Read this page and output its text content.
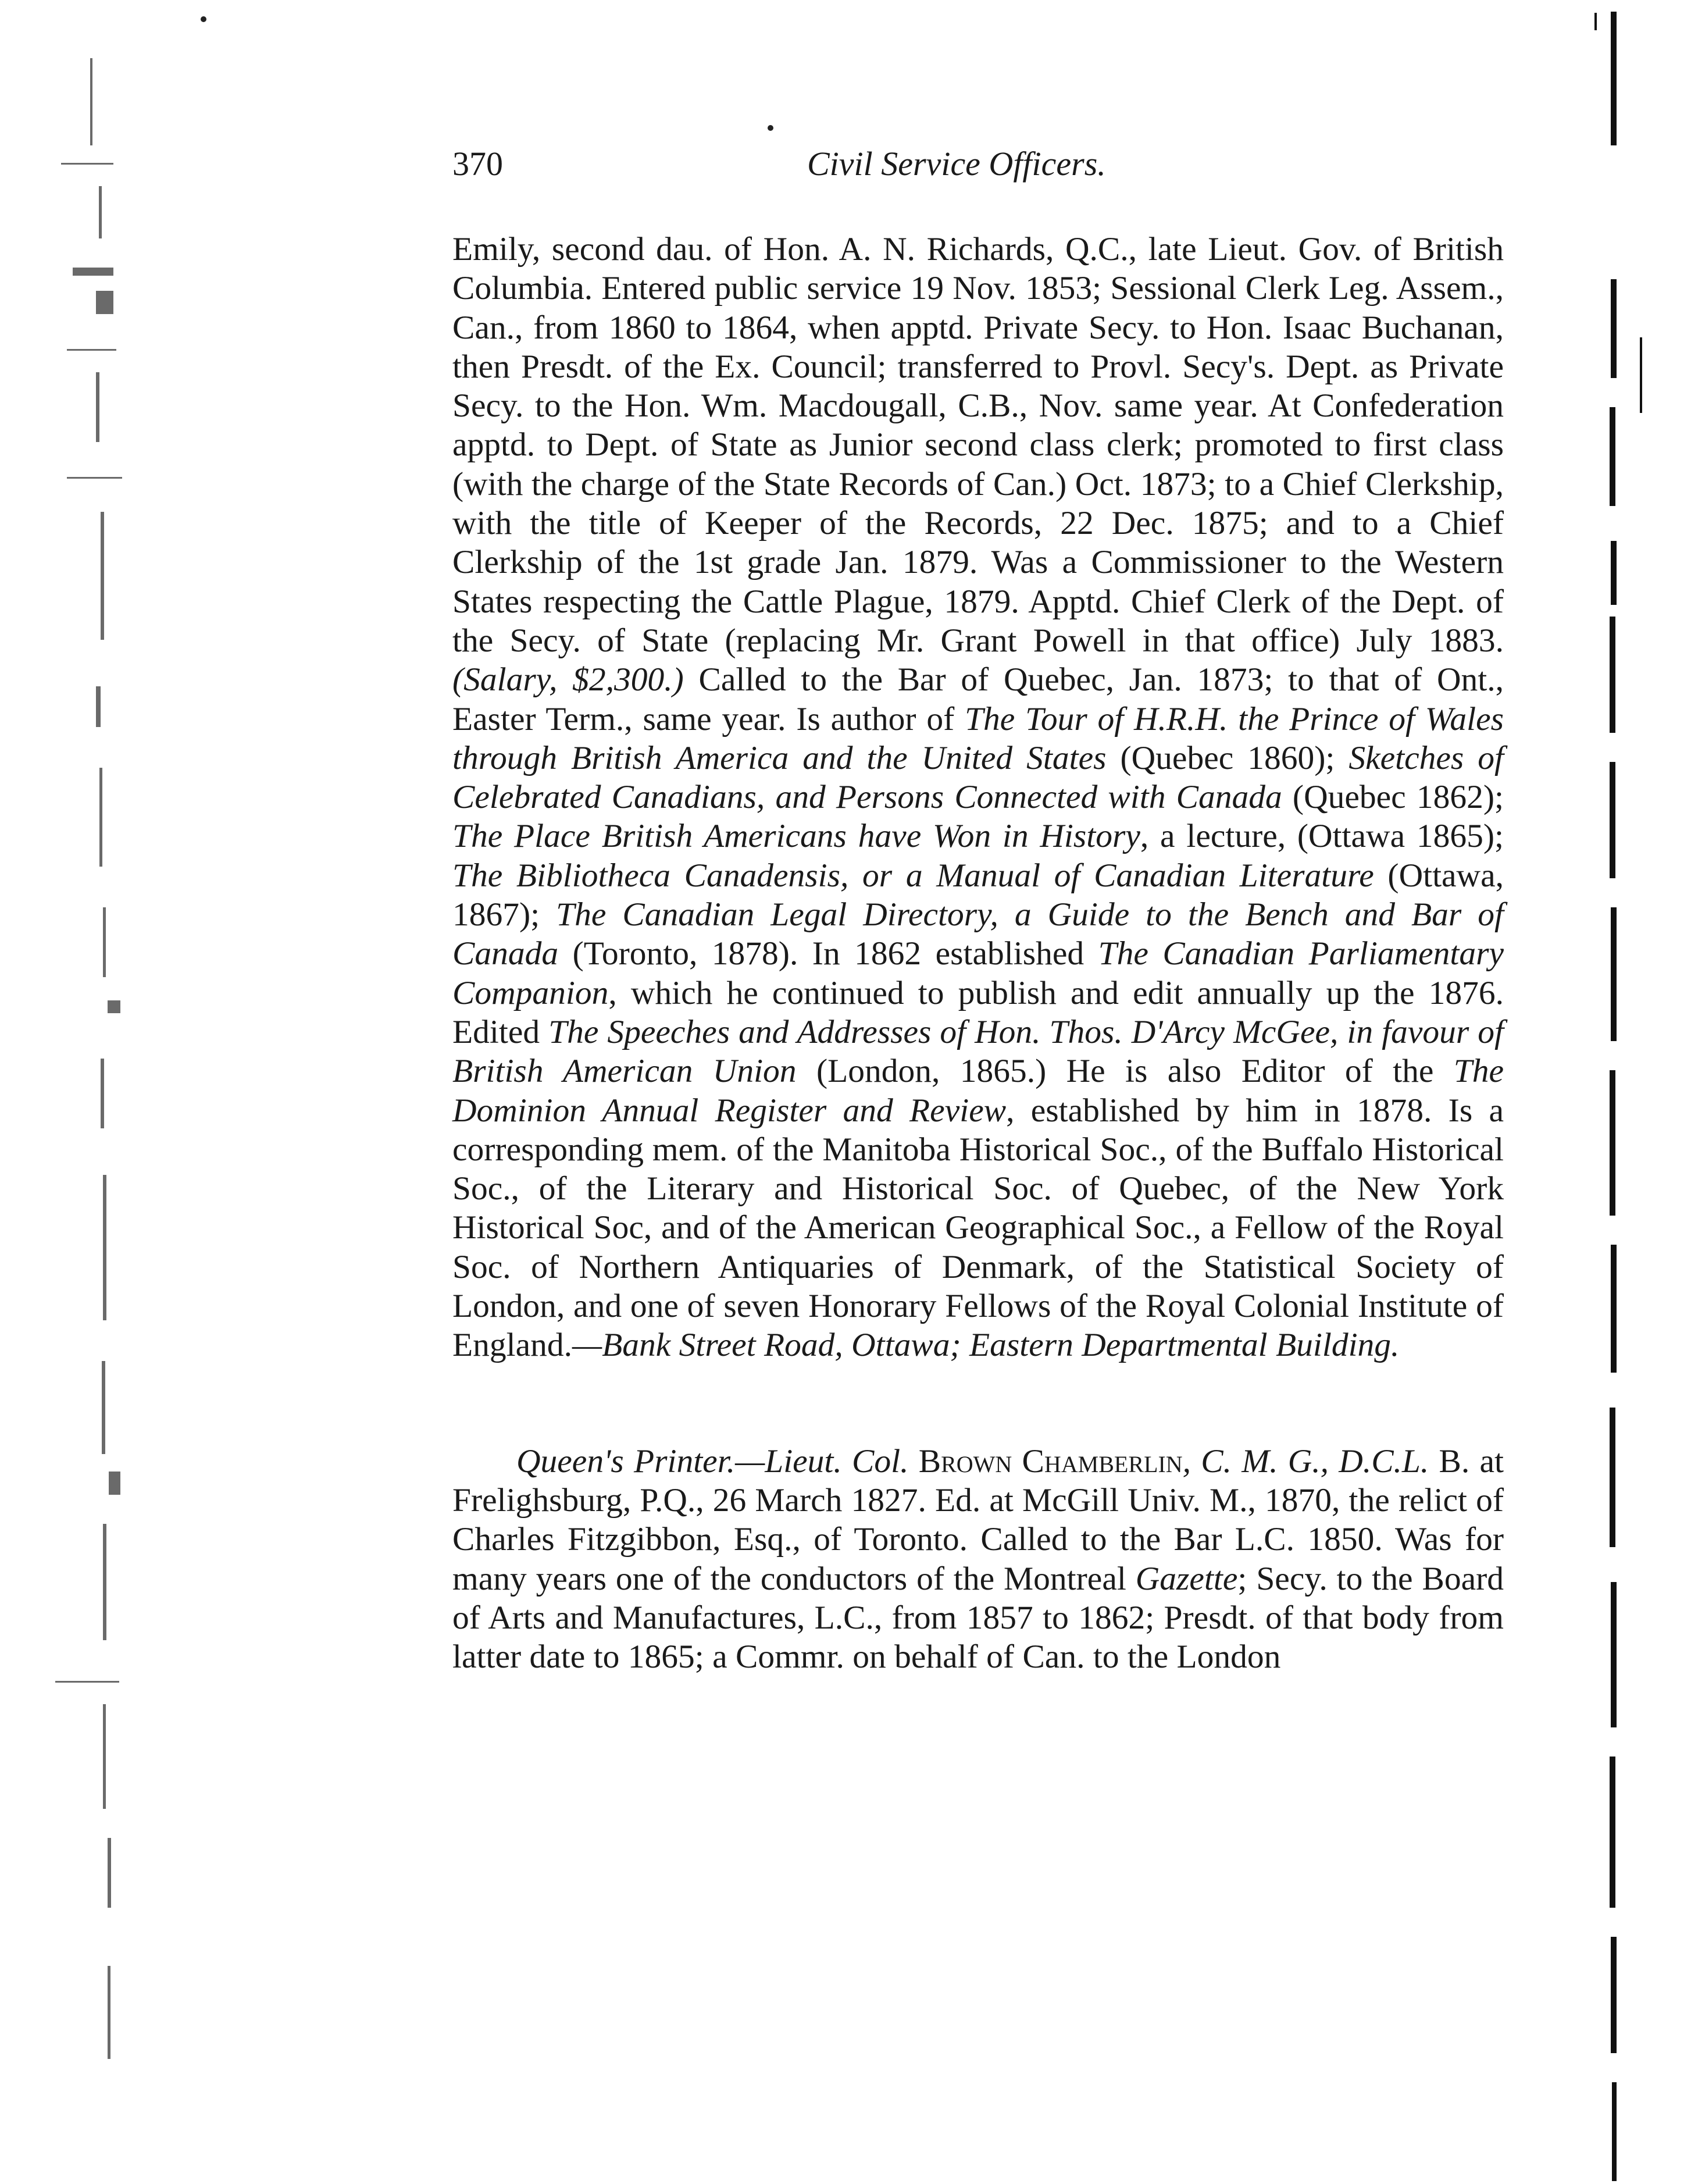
370	Civil Service Officers.

Emily, second dau. of Hon. A. N. Richards, Q.C., late Lieut. Gov. of British Columbia. Entered public service 19 Nov. 1853; Sessional Clerk Leg. Assem., Can., from 1860 to 1864, when apptd. Private Secy. to Hon. Isaac Buchanan, then Presdt. of the Ex. Council; transferred to Provl. Secy's. Dept. as Private Secy. to the Hon. Wm. Macdougall, C.B., Nov. same year. At Confederation apptd. to Dept. of State as Junior second class clerk; promoted to first class (with the charge of the State Records of Can.) Oct. 1873; to a Chief Clerkship, with the title of Keeper of the Records, 22 Dec. 1875; and to a Chief Clerkship of the 1st grade Jan. 1879. Was a Commissioner to the Western States respecting the Cattle Plague, 1879. Apptd. Chief Clerk of the Dept. of the Secy. of State (replacing Mr. Grant Powell in that office) July 1883. (Salary, $2,300.) Called to the Bar of Quebec, Jan. 1873; to that of Ont., Easter Term., same year. Is author of The Tour of H.R.H. the Prince of Wales through British America and the United States (Quebec 1860); Sketches of Celebrated Canadians, and Persons Connected with Canada (Quebec 1862); The Place British Americans have Won in History, a lecture, (Ottawa 1865); The Bibliotheca Canadensis, or a Manual of Canadian Literature (Ottawa, 1867); The Canadian Legal Directory, a Guide to the Bench and Bar of Canada (Toronto, 1878). In 1862 established The Canadian Parliamentary Companion, which he continued to publish and edit annually up the 1876. Edited The Speeches and Addresses of Hon. Thos. D'Arcy McGee, in favour of British American Union (London, 1865.) He is also Editor of the The Dominion Annual Register and Review, established by him in 1878. Is a corresponding mem. of the Manitoba Historical Soc., of the Buffalo Historical Soc., of the Literary and Historical Soc. of Quebec, of the New York Historical Soc, and of the American Geographical Soc., a Fellow of the Royal Soc. of Northern Antiquaries of Denmark, of the Statistical Society of London, and one of seven Honorary Fellows of the Royal Colonial Institute of England.—Bank Street Road, Ottawa; Eastern Departmental Building.

Queen's Printer.—Lieut. Col. Brown Chamberlin, C. M. G., D.C.L. B. at Frelighsburg, P.Q., 26 March 1827. Ed. at McGill Univ. M., 1870, the relict of Charles Fitzgibbon, Esq., of Toronto. Called to the Bar L.C. 1850. Was for many years one of the conductors of the Montreal Gazette; Secy. to the Board of Arts and Manufactures, L.C., from 1857 to 1862; Presdt. of that body from latter date to 1865; a Commr. on behalf of Can. to the London
